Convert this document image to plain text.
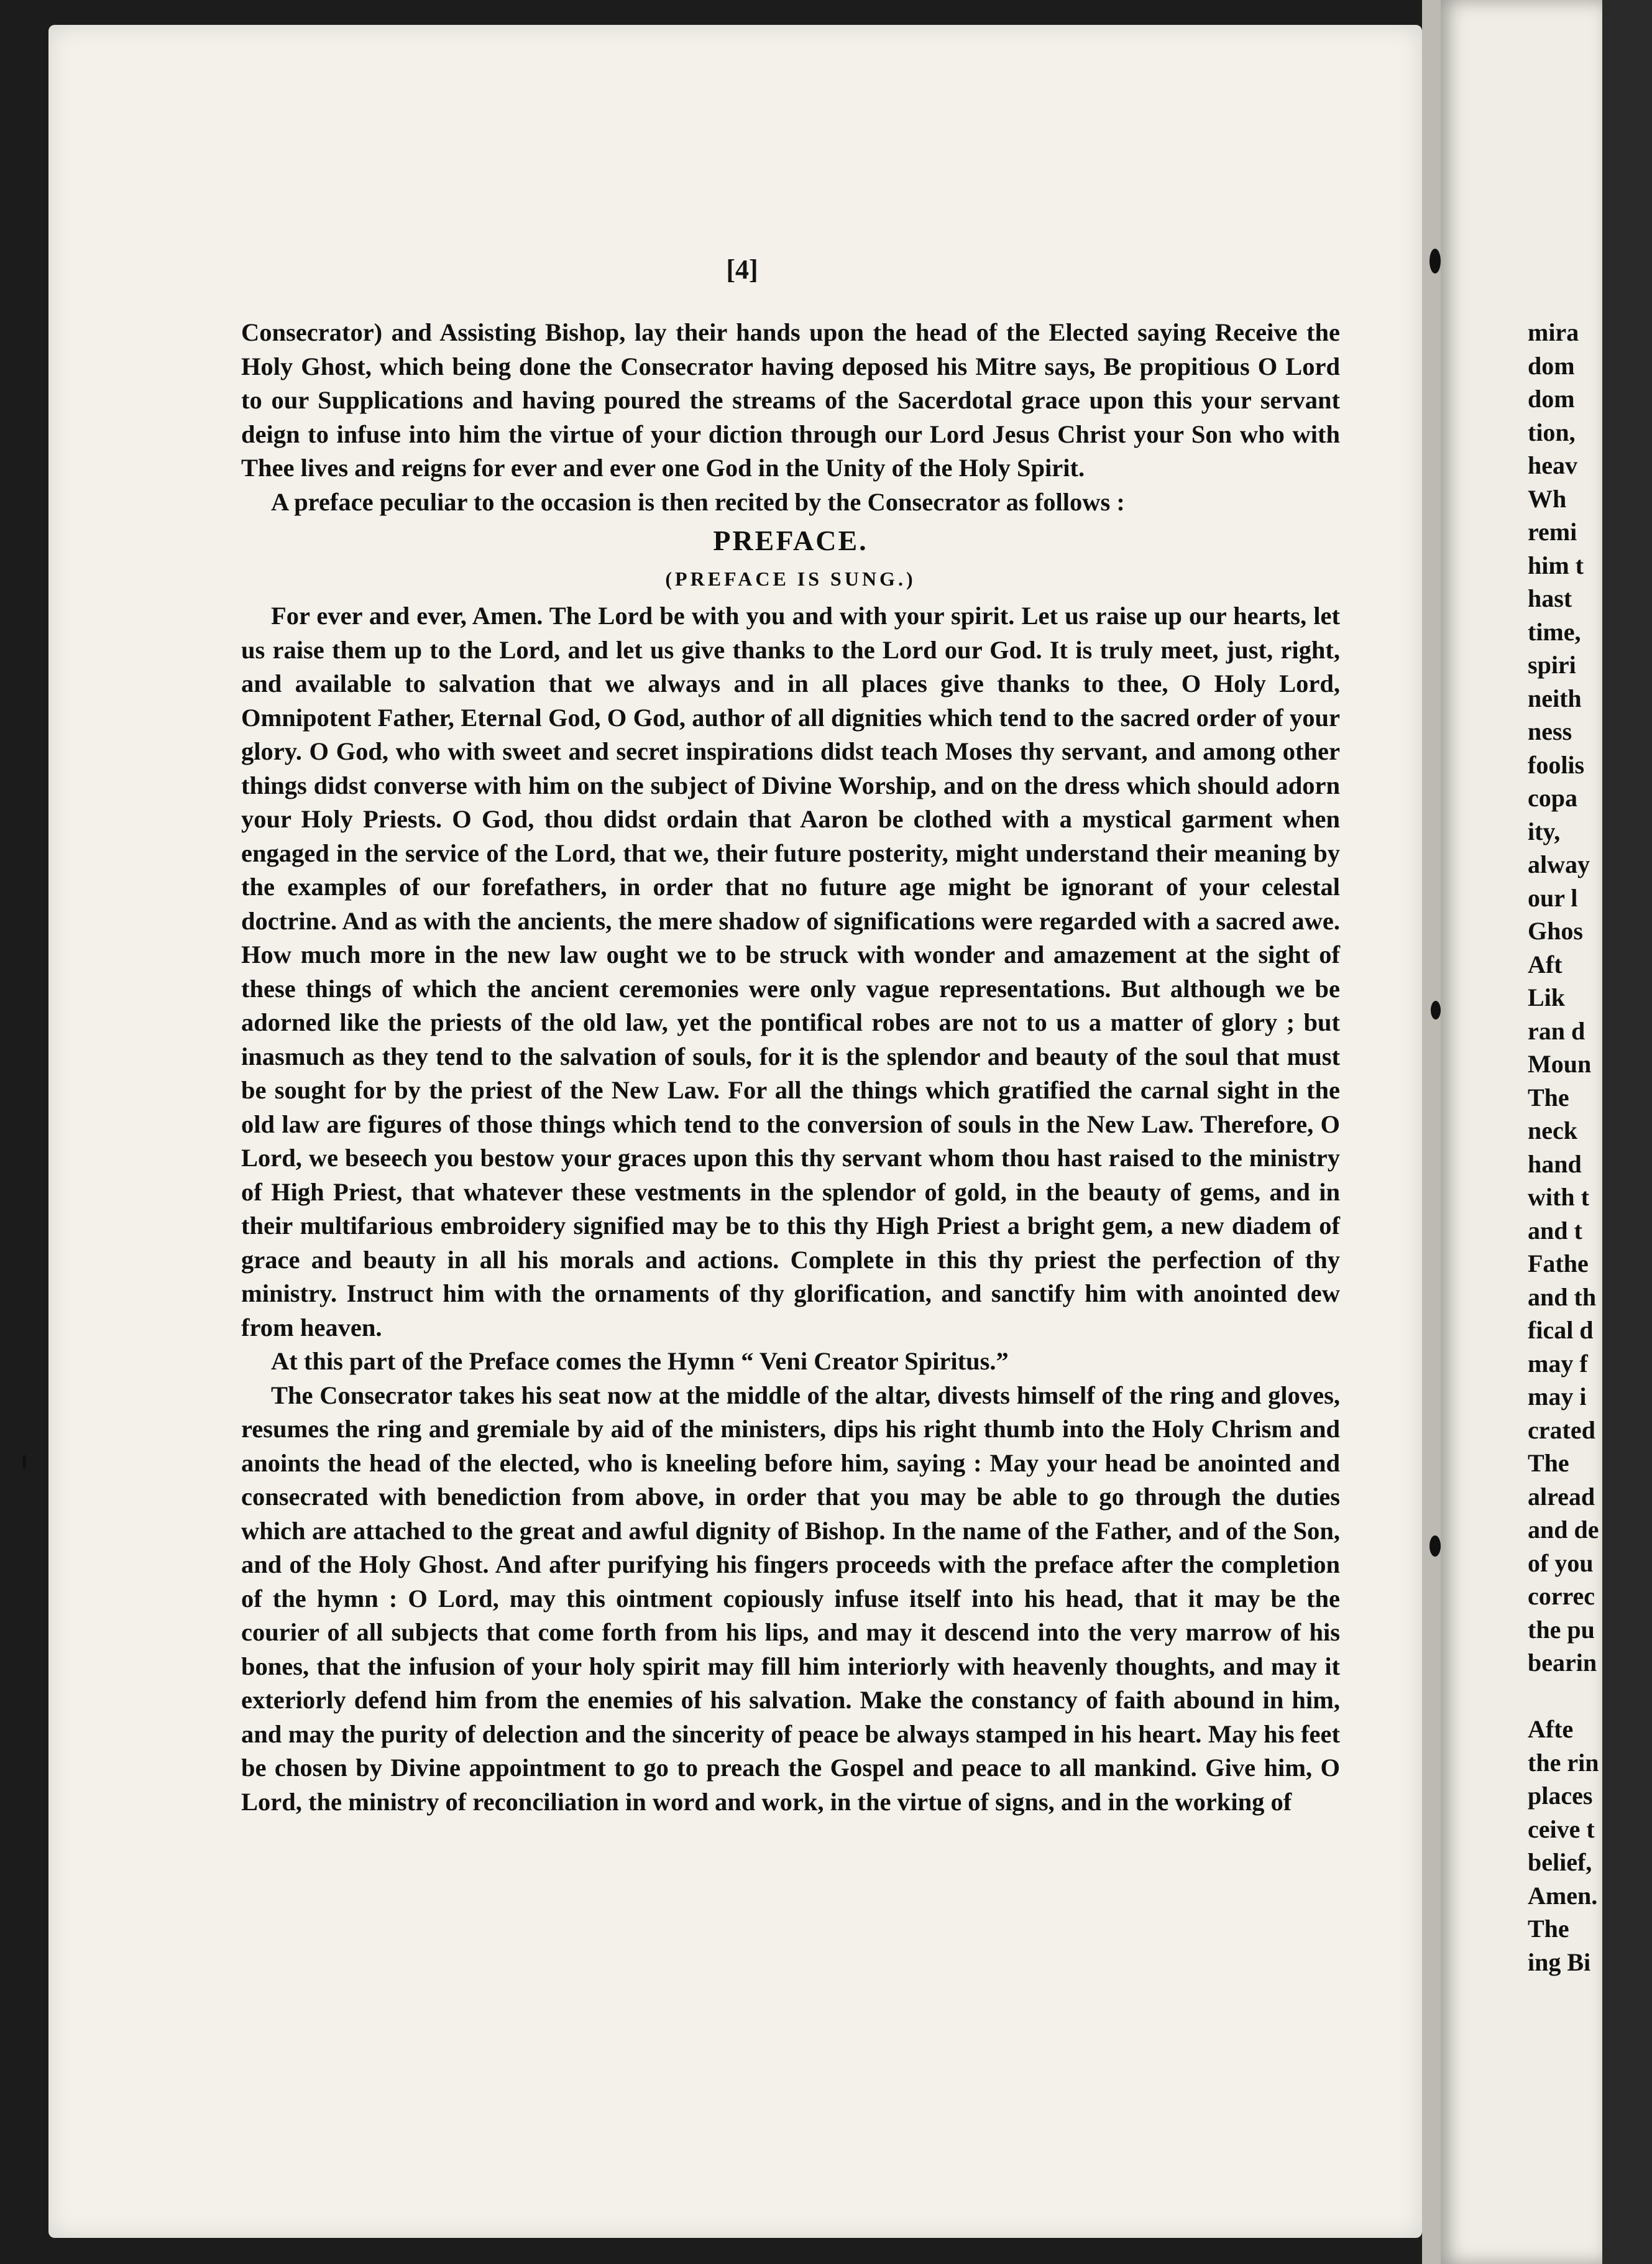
[4]

Consecrator) and Assisting Bishop, lay their hands upon the head of the Elected saying Receive the Holy Ghost, which being done the Consecrator having deposed his Mitre says, Be propitious O Lord to our Supplications and having poured the streams of the Sacerdotal grace upon this your servant deign to infuse into him the virtue of your diction through our Lord Jesus Christ your Son who with Thee lives and reigns for ever and ever one God in the Unity of the Holy Spirit.

A preface peculiar to the occasion is then recited by the Consecrator as follows :

PREFACE.
(PREFACE IS SUNG.)

For ever and ever, Amen. The Lord be with you and with your spirit. Let us raise up our hearts, let us raise them up to the Lord, and let us give thanks to the Lord our God. It is truly meet, just, right, and available to salvation that we always and in all places give thanks to thee, O Holy Lord, Omnipotent Father, Eternal God, O God, author of all dignities which tend to the sacred order of your glory. O God, who with sweet and secret inspirations didst teach Moses thy servant, and among other things didst converse with him on the subject of Divine Worship, and on the dress which should adorn your Holy Priests. O God, thou didst ordain that Aaron be clothed with a mystical garment when engaged in the service of the Lord, that we, their future posterity, might understand their meaning by the examples of our forefathers, in order that no future age might be ignorant of your celestal doctrine. And as with the ancients, the mere shadow of significations were regarded with a sacred awe. How much more in the new law ought we to be struck with wonder and amazement at the sight of these things of which the ancient ceremonies were only vague representations. But although we be adorned like the priests of the old law, yet the pontifical robes are not to us a matter of glory ; but inasmuch as they tend to the salvation of souls, for it is the splendor and beauty of the soul that must be sought for by the priest of the New Law. For all the things which gratified the carnal sight in the old law are figures of those things which tend to the conversion of souls in the New Law. Therefore, O Lord, we beseech you bestow your graces upon this thy servant whom thou hast raised to the ministry of High Priest, that whatever these vestments in the splendor of gold, in the beauty of gems, and in their multifarious embroidery signified may be to this thy High Priest a bright gem, a new diadem of grace and beauty in all his morals and actions. Complete in this thy priest the perfection of thy ministry. Instruct him with the ornaments of thy glorification, and sanctify him with anointed dew from heaven.

At this part of the Preface comes the Hymn “ Veni Creator Spiritus.”

The Consecrator takes his seat now at the middle of the altar, divests himself of the ring and gloves, resumes the ring and gremiale by aid of the ministers, dips his right thumb into the Holy Chrism and anoints the head of the elected, who is kneeling before him, saying : May your head be anointed and consecrated with benediction from above, in order that you may be able to go through the duties which are attached to the great and awful dignity of Bishop. In the name of the Father, and of the Son, and of the Holy Ghost. And after purifying his fingers proceeds with the preface after the completion of the hymn : O Lord, may this ointment copiously infuse itself into his head, that it may be the courier of all subjects that come forth from his lips, and may it descend into the very marrow of his bones, that the infusion of your holy spirit may fill him interiorly with heavenly thoughts, and may it exteriorly defend him from the enemies of his salvation. Make the constancy of faith abound in him, and may the purity of delection and the sincerity of peace be always stamped in his heart. May his feet be chosen by Divine appointment to go to preach the Gospel and peace to all mankind. Give him, O Lord, the ministry of reconciliation in word and work, in the virtue of signs, and in the working of

mira
dom
dom
tion,
heav
Wh
remi
him t
hast
time,
spiri
neith
ness
foolis
copa
ity,
alway
our l
Ghos
Aft
Lik
ran d
Moun
The
neck
hand
with t
and t
Fathe
and th
fical d
may f
may i
crated
The
alread
and de
of you
correc
the pu
bearin
Afte
the rin
places
ceive t
belief,
Amen.
The
ing Bi
